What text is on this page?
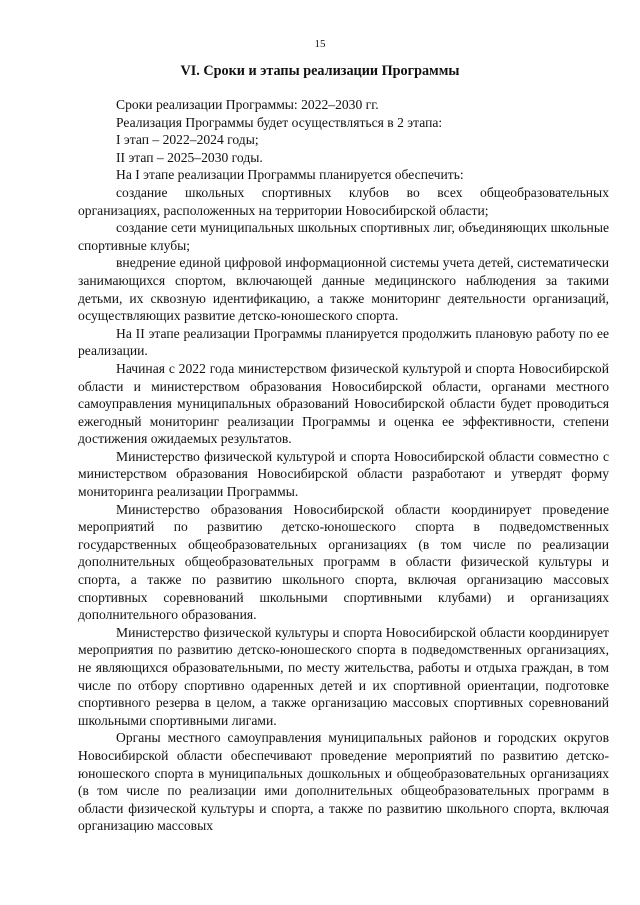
15
VI. Сроки и этапы реализации Программы

Сроки реализации Программы: 2022–2030 гг.

Реализация Программы будет осуществляться в 2 этапа:

I этап – 2022–2024 годы;

II этап – 2025–2030 годы.

На I этапе реализации Программы планируется обеспечить:

создание школьных спортивных клубов во всех общеобразовательных организациях, расположенных на территории Новосибирской области;

создание сети муниципальных школьных спортивных лиг, объединяющих школьные спортивные клубы;

внедрение единой цифровой информационной системы учета детей, систематически занимающихся спортом, включающей данные медицинского наблюдения за такими детьми, их сквозную идентификацию, а также мониторинг деятельности организаций, осуществляющих развитие детско-юношеского спорта.

На II этапе реализации Программы планируется продолжить плановую работу по ее реализации.

Начиная с 2022 года министерством физической культурой и спорта Новосибирской области и министерством образования Новосибирской области, органами местного самоуправления муниципальных образований Новосибирской области будет проводиться ежегодный мониторинг реализации Программы и оценка ее эффективности, степени достижения ожидаемых результатов.

Министерство физической культурой и спорта Новосибирской области совместно с министерством образования Новосибирской области разработают и утвердят форму мониторинга реализации Программы.

Министерство образования Новосибирской области координирует проведение мероприятий по развитию детско-юношеского спорта в подведомственных государственных общеобразовательных организациях (в том числе по реализации дополнительных общеобразовательных программ в области физической культуры и спорта, а также по развитию школьного спорта, включая организацию массовых спортивных соревнований школьными спортивными клубами) и организациях дополнительного образования.

Министерство физической культуры и спорта Новосибирской области координирует мероприятия по развитию детско-юношеского спорта в подведомственных организациях, не являющихся образовательными, по месту жительства, работы и отдыха граждан, в том числе по отбору спортивно одаренных детей и их спортивной ориентации, подготовке спортивного резерва в целом, а также организацию массовых спортивных соревнований школьными спортивными лигами.

Органы местного самоуправления муниципальных районов и городских округов Новосибирской области обеспечивают проведение мероприятий по развитию детско-юношеского спорта в муниципальных дошкольных и общеобразовательных организациях (в том числе по реализации ими дополнительных общеобразовательных программ в области физической культуры и спорта, а также по развитию школьного спорта, включая организацию массовых
